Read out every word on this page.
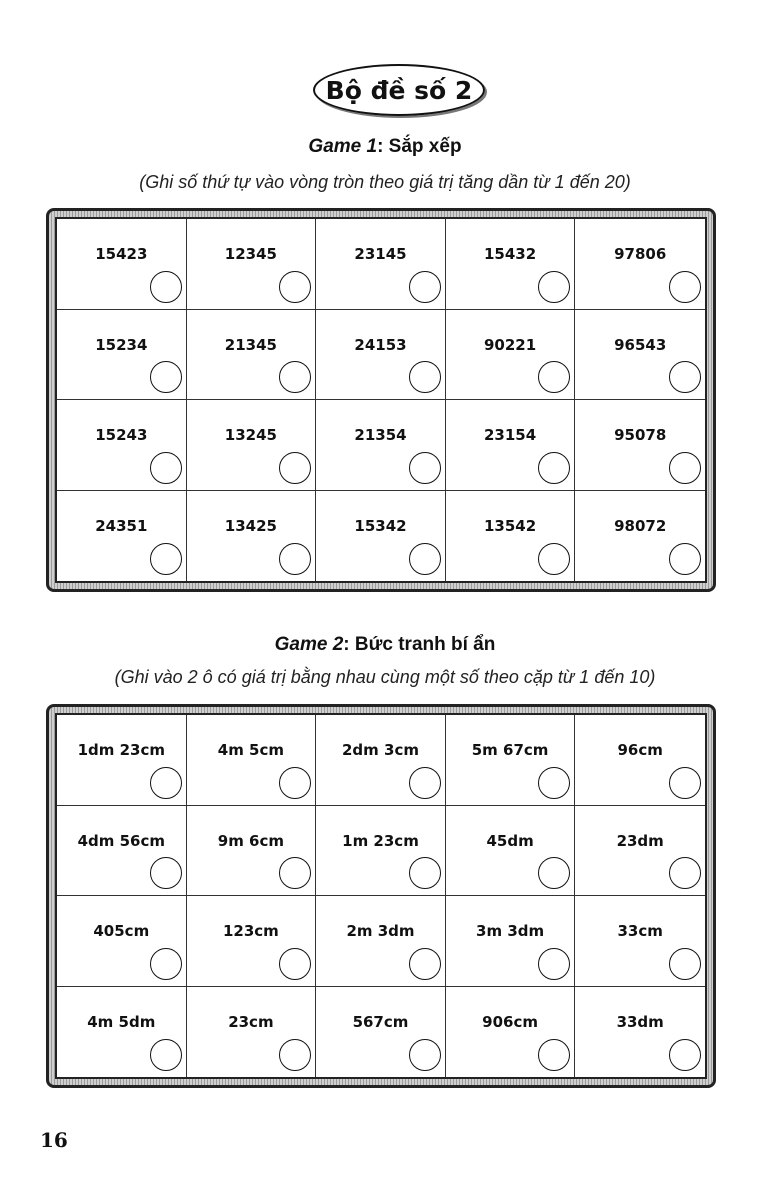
Bộ đề số 2
Game 1: Sắp xếp
(Ghi số thứ tự vào vòng tròn theo giá trị tăng dần từ 1 đến 20)
15423	12345	23145	15432	97806
15234	21345	24153	90221	96543
15243	13245	21354	23154	95078
24351	13425	15342	13542	98072
Game 2: Bức tranh bí ẩn
(Ghi vào 2 ô có giá trị bằng nhau cùng một số theo cặp từ 1 đến 10)
1dm 23cm	4m 5cm	2dm 3cm	5m 67cm	96cm
4dm 56cm	9m 6cm	1m 23cm	45dm	23dm
405cm	123cm	2m 3dm	3m 3dm	33cm
4m 5dm	23cm	567cm	906cm	33dm
16
